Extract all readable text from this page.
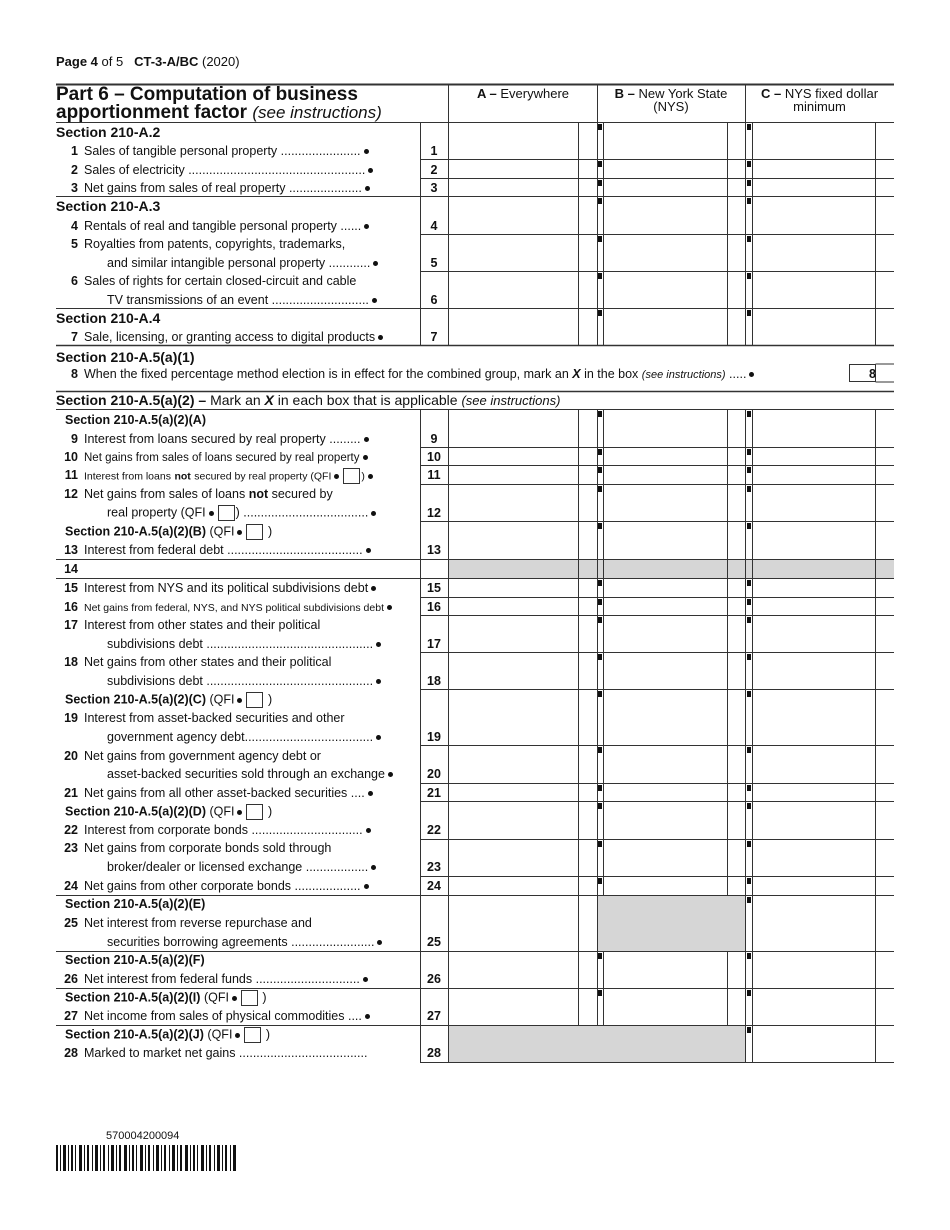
Page 4 of 5 CT-3-A/BC (2020)
Part 6 – Computation of business
apportionment factor (see instructions)
A – Everywhere	B – New York State
(NYS)
C – NYS fixed dollar
minimum
Section 210-A.2
1 Sales of tangible personal property .......................	1
2 Sales of electricity ...................................................	2
3 Net gains from sales of real property .....................	3
Section 210-A.3
4 Rentals of real and tangible personal property ......	4
5 Royalties from patents, copyrights, trademarks,
and similar intangible personal property ............	5
6 Sales of rights for certain closed-circuit and cable
TV transmissions of an event ............................	6
Section 210-A.4
7 Sale, licensing, or granting access to digital products	7
Section 210-A.5(a)(1)
8 When the fixed percentage method election is in effect for the combined group, mark an X in the box (see instructions) .....	8
Section 210-A.5(a)(2) – Mark an X in each box that is applicable (see instructions)
Section 210-A.5(a)(2)(A)
9 Interest from loans secured by real property .........	9
10 Net gains from sales of loans secured by real property	10
11 Interest from loans not secured by real property (QFI	)	11
12 Net gains from sales of loans not secured by
real property (QFI ) ....................................	12
Section 210-A.5(a)(2)(B) (QFI	)
13 Interest from federal debt .......................................	13
14
15 Interest from NYS and its political subdivisions debt	15
16 Net gains from federal, NYS, and NYS political subdivisions debt	16
17 Interest from other states and their political
subdivisions debt ................................................	17
18 Net gains from other states and their political
subdivisions debt ................................................	18
Section 210-A.5(a)(2)(C) (QFI	)
19 Interest from asset-backed securities and other
government agency debt.....................................	19
20 Net gains from government agency debt or
asset-backed securities sold through an exchange	20
21 Net gains from all other asset-backed securities ....	21
Section 210-A.5(a)(2)(D) (QFI	)
22 Interest from corporate bonds ................................	22
23 Net gains from corporate bonds sold through
broker/dealer or licensed exchange ..................	23
24 Net gains from other corporate bonds ...................	24
Section 210-A.5(a)(2)(E)
25 Net interest from reverse repurchase and
securities borrowing agreements ........................	25
Section 210-A.5(a)(2)(F)
26 Net interest from federal funds ..............................	26
Section 210-A.5(a)(2)(I) (QFI	)
27 Net income from sales of physical commodities ....	27
Section 210-A.5(a)(2)(J) (QFI	)
28 Marked to market net gains .....................................	28
570004200094
